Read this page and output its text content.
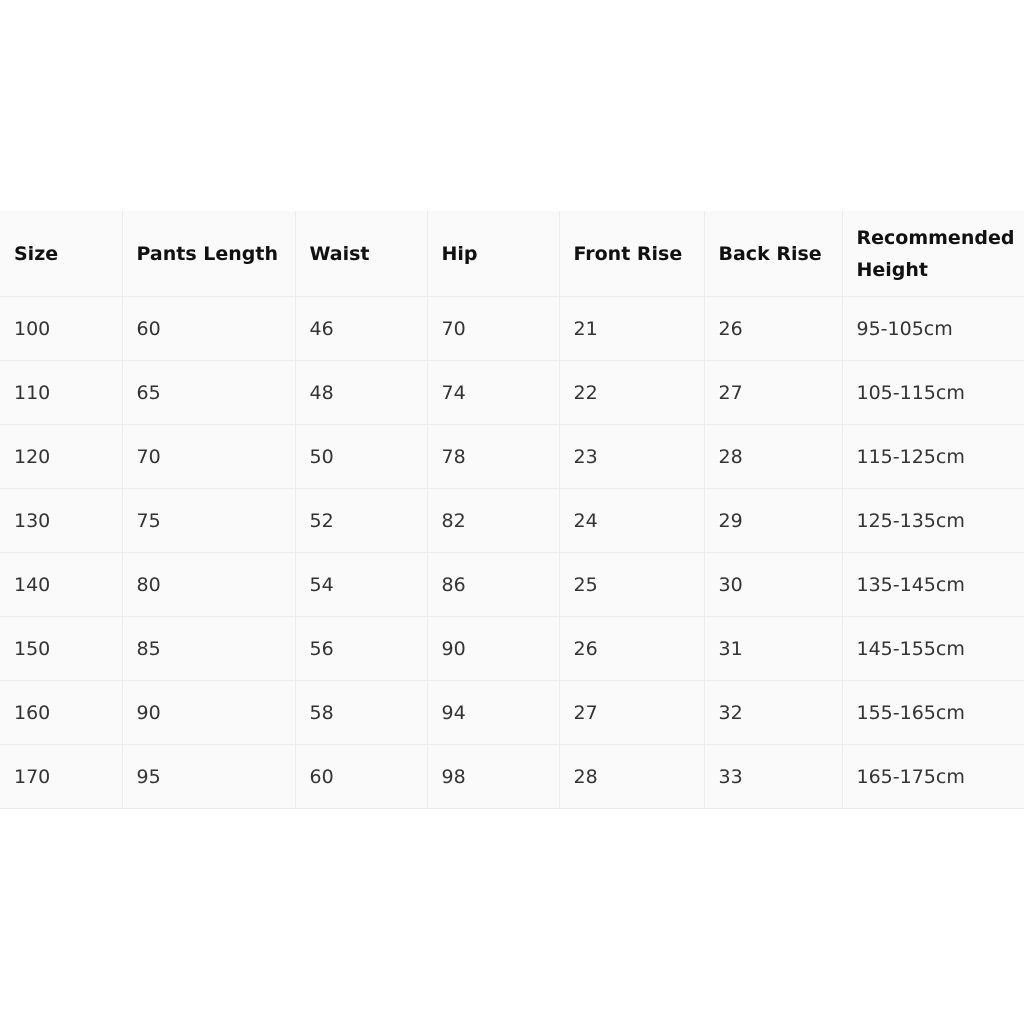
Size	Pants Length	Waist	Hip	Front Rise	Back Rise	Recommended Height
100	60	46	70	21	26	95-105cm
110	65	48	74	22	27	105-115cm
120	70	50	78	23	28	115-125cm
130	75	52	82	24	29	125-135cm
140	80	54	86	25	30	135-145cm
150	85	56	90	26	31	145-155cm
160	90	58	94	27	32	155-165cm
170	95	60	98	28	33	165-175cm
